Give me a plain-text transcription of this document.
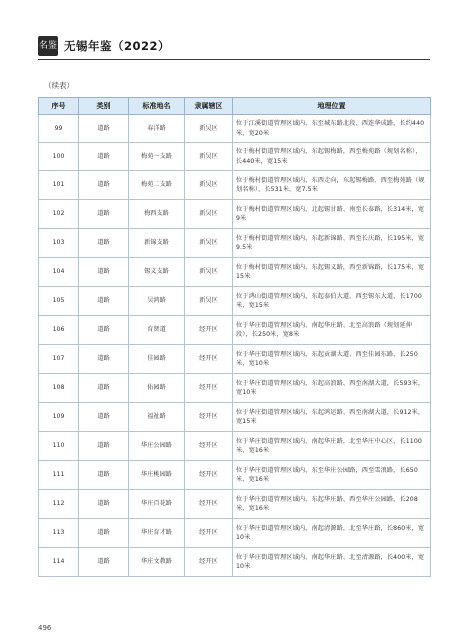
名鉴 无锡年鉴（2022）
（续表）
序号	类别	标准地名	隶属辖区	地理位置
99	道路	春洋路	新吴区	位于江溪街道管理区域内，东至城东路北段、西连华成路，长约440米，宽20米
100	道路	梅苑一支路	新吴区	位于梅村街道管理区域内，东起锡梅路，西至梅苑路（规划名称），长440米，宽15米
101	道路	梅苑二支路	新吴区	位于梅村街道管理区域内，东西走向，东起锡梅路、西至梅苑路（规划名称），长531米，宽7.5米
102	道路	梅西支路	新吴区	位于梅村街道管理区域内，北起锡甘路、南至长泰路，长314米，宽9米
103	道路	新锦支路	新吴区	位于梅村街道管理区域内，东起新锦路、西至长庆路，长195米，宽9.5米
104	道路	锡义支路	新吴区	位于梅村街道管理区域内，东起锡义路，西至新锦路，长175米，宽15米
105	道路	吴鸿路	新吴区	位于鸿山街道管理区域内，东起泰伯大道、西至锡东大道，长1700米，宽15米
106	道路	育贤道	经开区	位于华庄街道管理区域内，南起华庄路、北至高浪路（规划延伸段），长250米，宽8米
107	道路	佳园路	经开区	位于华庄街道管理区域内，东起贡湖大道、西至佳园东路，长250米，宽10米
108	道路	佑园路	经开区	位于华庄街道管理区域内，东起高浪路、西至南湖大道，长593米，宽10米
109	道路	福祉路	经开区	位于华庄街道管理区域内，东起鸿运路、西至南湖大道，长912米，宽15米
110	道路	华庄公园路	经开区	位于华庄街道管理区域内，南起华庄路，北至华庄中心区，长1100米，宽16米
111	道路	华庄桃园路	经开区	位于华庄街道管理区域内，东至华庄公园路，西至雪浪路，长650米，宽16米
112	道路	华庄百花路	经开区	位于华庄街道管理区域内，东起华庄路、西至华庄公园路，长208米，宽16米
113	道路	华庄育才路	经开区	位于华庄街道管理区域内，南起清源路，北至华庄路，长860米，宽10米
114	道路	华庄文教路	经开区	位于华庄街道管理区域内，南起华庄路、北至清源路，长400米，宽10米
496
